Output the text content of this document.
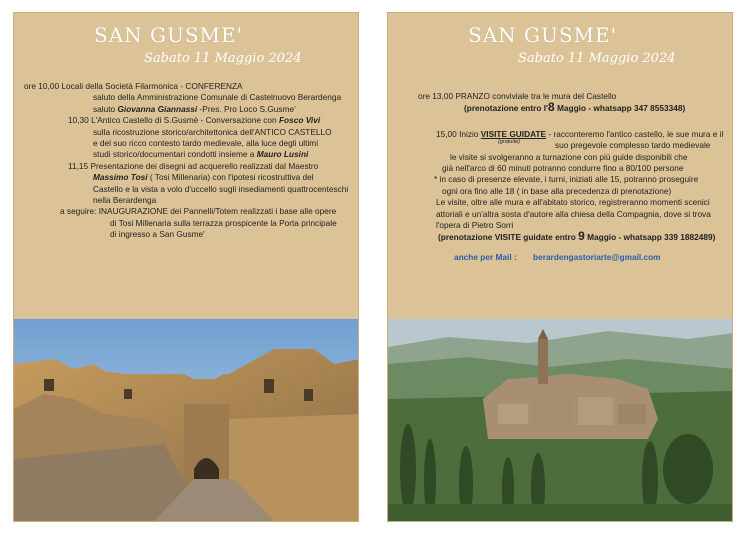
SAN GUSME'
Sabato 11 Maggio 2024
ore 10,00 Locali della Società Filarmonica - CONFERENZA
saluto della Amministrazione Comunale di Castelnuovo Berardenga
saluto Giovanna Giannassi -Pres. Pro Loco S.Gusme'
10,30 L'Antico Castello di S.Gusmè - Conversazione con Fosco Vivi
sulla ricostruzione storico/architettonica dell'ANTICO CASTELLO
e del suo ricco contesto tardo medievale, alla luce degli ultimi
studi storico/documentari condotti insieme a Mauro Lusini
11,15 Presentazione dei disegni ad acquerello realizzati dal Maestro
Massimo Tosi ( Tosi Millenaria) con l'ipotesi ricostruttiva del
Castello e la vista a volo d'uccello sugli insediamenti quattrocenteschi
nella Berardenga
a seguire: INAUGURAZIONE dei Pannelli/Totem realizzati i base alle opere
di Tosi Millenaria sulla terrazza prospicente la Porta principale
di ingresso a San Gusme'
SAN GUSME'
Sabato 11 Maggio 2024
ore 13,00 PRANZO conviviale tra le mura del Castello
(prenotazione entro l'8 Maggio - whatsapp 347 8553348)
15,00 Inizio VISITE GUIDATE - racconteremo l'antico castello, le sue mura e il
(gratuite)	suo pregevole complesso tardo medievale
le visite si svolgeranno a turnazione con più guide disponibili che
già nell'arco di 60 minuti potranno condurre fino a 80/100 persone
* in caso di presenze elevate, i turni, iniziati alle 15, potranno proseguire
ogni ora fino alle 18 ( in base alla precedenza di prenotazione)
Le visite, oltre alle mura e all'abitato storico, registreranno momenti scenici
attoriali e un'altra sosta d'autore alla chiesa della Compagnia, dove si trova
l'opera di Pietro Sorri
(prenotazione VISITE guidate entro 9 Maggio - whatsapp 339 1882489)
anche per Mail : berardengastoriarte@gmail.com
